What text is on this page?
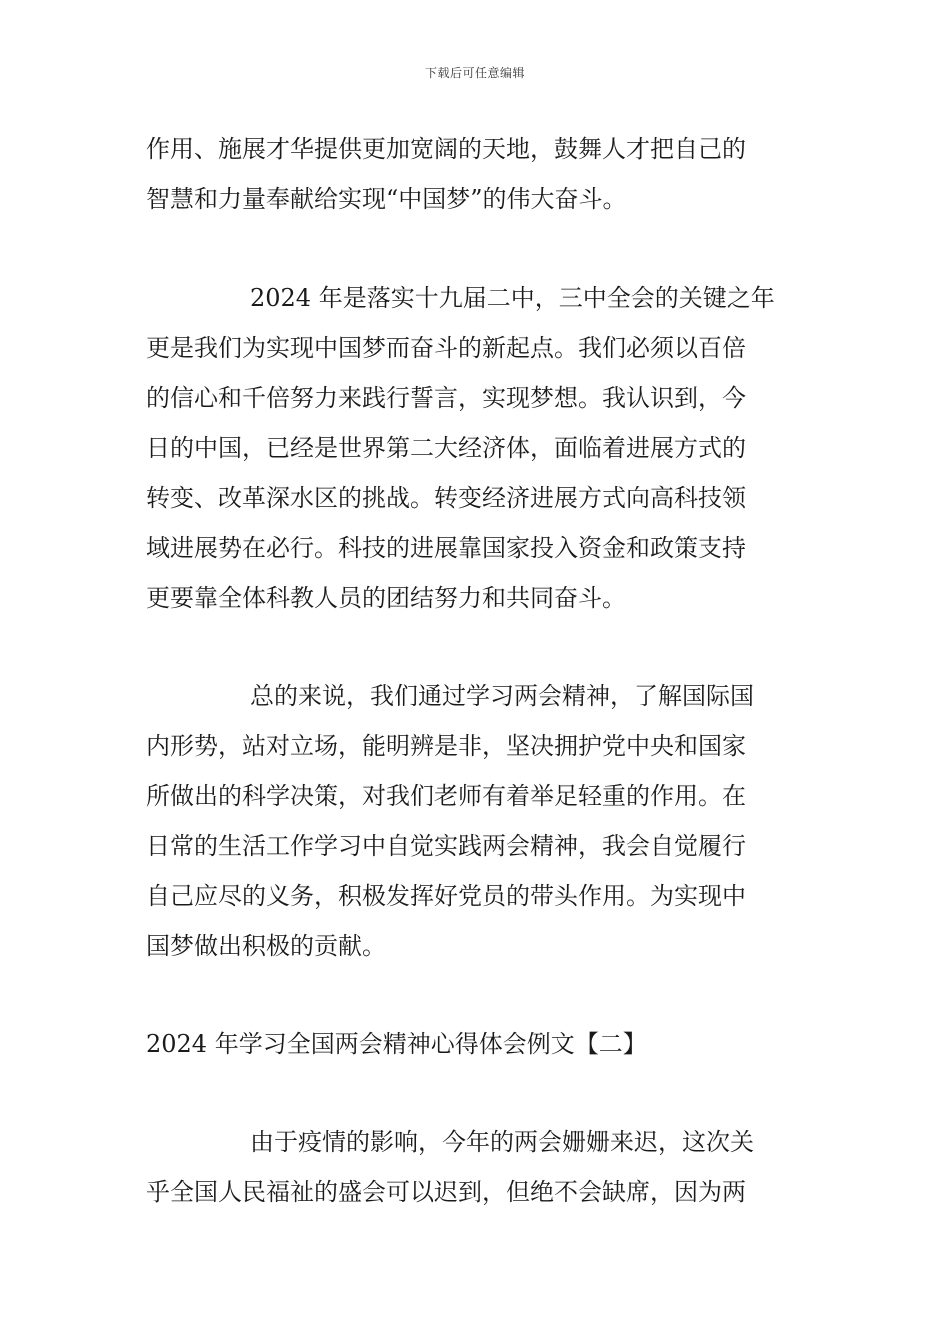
下载后可任意编辑
作用、施展才华提供更加宽阔的天地，鼓舞人才把自己的
智慧和力量奉献给实现“中国梦”的伟大奋斗。
2024 年是落实十九届二中，三中全会的关键之年
更是我们为实现中国梦而奋斗的新起点。我们必须以百倍
的信心和千倍努力来践行誓言，实现梦想。我认识到，今
日的中国，已经是世界第二大经济体，面临着进展方式的
转变、改革深水区的挑战。转变经济进展方式向高科技领
域进展势在必行。科技的进展靠国家投入资金和政策支持
更要靠全体科教人员的团结努力和共同奋斗。
总的来说，我们通过学习两会精神，了解国际国
内形势，站对立场，能明辨是非，坚决拥护党中央和国家
所做出的科学决策，对我们老师有着举足轻重的作用。在
日常的生活工作学习中自觉实践两会精神，我会自觉履行
自己应尽的义务，积极发挥好党员的带头作用。为实现中
国梦做出积极的贡献。
2024 年学习全国两会精神心得体会例文【二】
由于疫情的影响，今年的两会姗姗来迟，这次关
乎全国人民福祉的盛会可以迟到，但绝不会缺席，因为两
